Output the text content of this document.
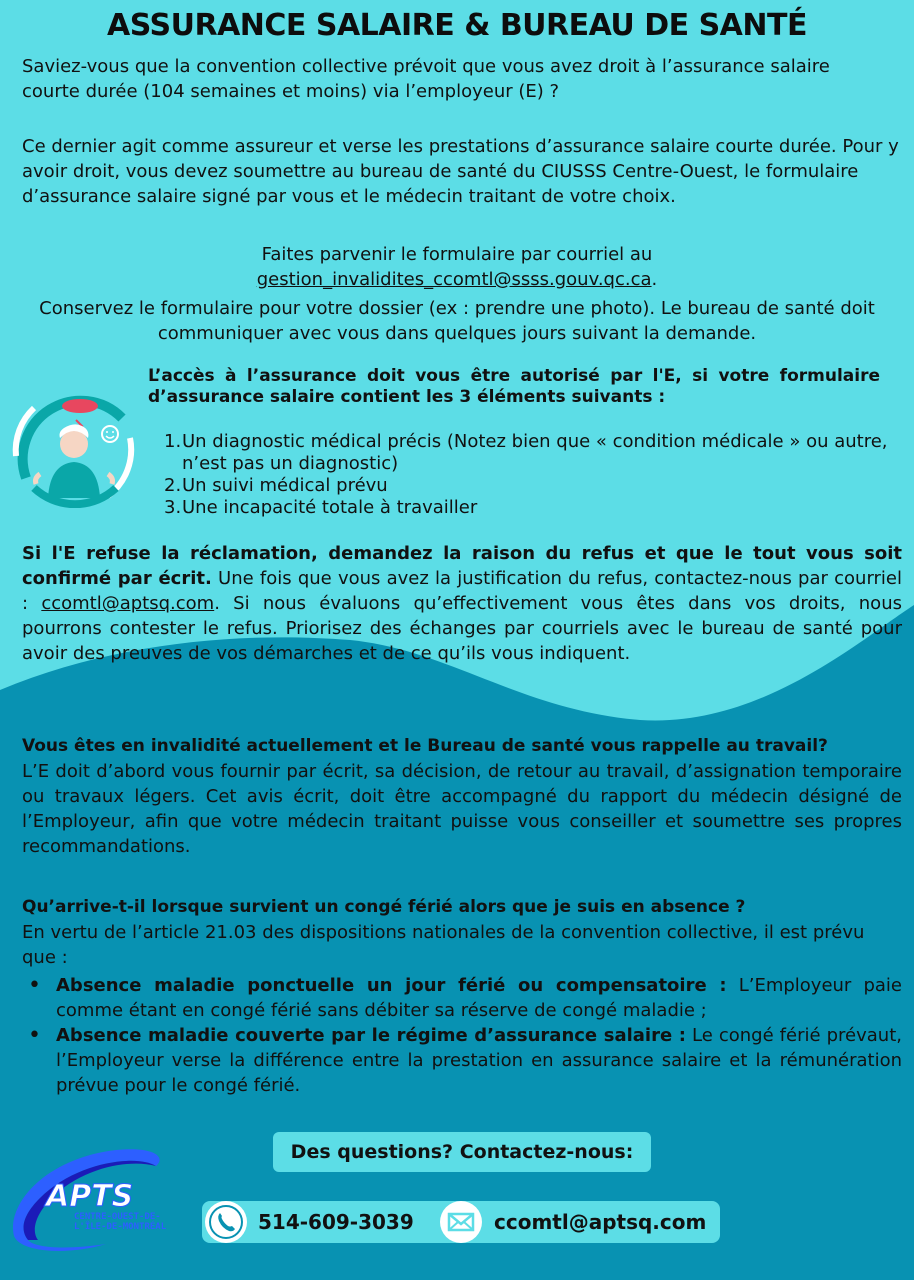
ASSURANCE SALAIRE & BUREAU DE SANTÉ

Saviez-vous que la convention collective prévoit que vous avez droit à l’assurance salaire courte durée (104 semaines et moins) via l’employeur (E) ?

Ce dernier agit comme assureur et verse les prestations d’assurance salaire courte durée. Pour y avoir droit, vous devez soumettre au bureau de santé du CIUSSS Centre-Ouest, le formulaire d’assurance salaire signé par vous et le médecin traitant de votre choix.

Faites parvenir le formulaire par courriel au
gestion_invalidites_ccomtl@ssss.gouv.qc.ca.

Conservez le formulaire pour votre dossier (ex : prendre une photo). Le bureau de santé doit communiquer avec vous dans quelques jours suivant la demande.

L’accès à l’assurance doit vous être autorisé par l'E, si votre formulaire d’assurance salaire contient les 3 éléments suivants :
1. Un diagnostic médical précis (Notez bien que « condition médicale » ou autre, n’est pas un diagnostic)
2. Un suivi médical prévu
3. Une incapacité totale à travailler

Si l'E refuse la réclamation, demandez la raison du refus et que le tout vous soit confirmé par écrit. Une fois que vous avez la justification du refus, contactez-nous par courriel : ccomtl@aptsq.com. Si nous évaluons qu’effectivement vous êtes dans vos droits, nous pourrons contester le refus. Priorisez des échanges par courriels avec le bureau de santé pour avoir des preuves de vos démarches et de ce qu’ils vous indiquent.

Vous êtes en invalidité actuellement et le Bureau de santé vous rappelle au travail?

L’E doit d’abord vous fournir par écrit, sa décision, de retour au travail, d’assignation temporaire ou travaux légers. Cet avis écrit, doit être accompagné du rapport du médecin désigné de l’Employeur, afin que votre médecin traitant puisse vous conseiller et soumettre ses propres recommandations.

Qu’arrive-t-il lorsque survient un congé férié alors que je suis en absence ?

En vertu de l’article 21.03 des dispositions nationales de la convention collective, il est prévu que :

• Absence maladie ponctuelle un jour férié ou compensatoire : L’Employeur paie comme étant en congé férié sans débiter sa réserve de congé maladie ;
• Absence maladie couverte par le régime d’assurance salaire : Le congé férié prévaut, l’Employeur verse la différence entre la prestation en assurance salaire et la rémunération prévue pour le congé férié.
APTS
CENTRE-OUEST-DE-
L'ÎLE-DE-MONTRÉAL
Des questions? Contactez-nous:
514-609-3039	ccomtl@aptsq.com
